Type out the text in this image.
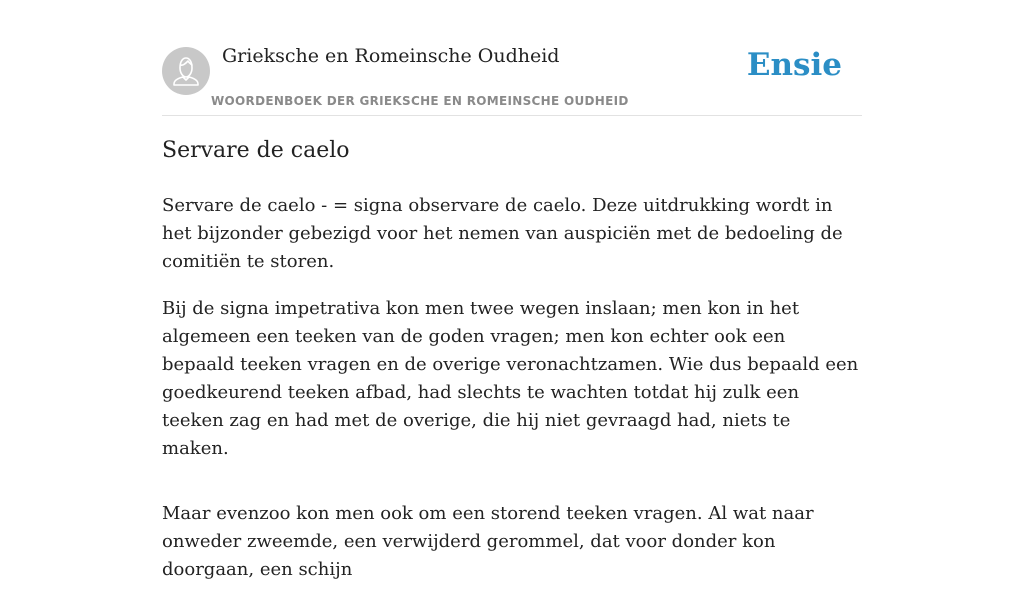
Grieksche en Romeinsche Oudheid
WOORDENBOEK DER GRIEKSCHE EN ROMEINSCHE OUDHEID
Ensie
Servare de caelo

Servare de caelo - = signa observare de caelo. Deze uitdrukking wordt in het bijzonder gebezigd voor het nemen van auspiciën met de bedoeling de comitiën te storen.

Bij de signa impetrativa kon men twee wegen inslaan; men kon in het algemeen een teeken van de goden vragen; men kon echter ook een bepaald teeken vragen en de overige veronachtzamen. Wie dus bepaald een goedkeurend teeken afbad, had slechts te wachten totdat hij zulk een teeken zag en had met de overige, die hij niet gevraagd had, niets te maken.

Maar evenzoo kon men ook om een storend teeken vragen. Al wat naar onweder zweemde, een verwijderd gerommel, dat voor donder kon doorgaan, een schijn
